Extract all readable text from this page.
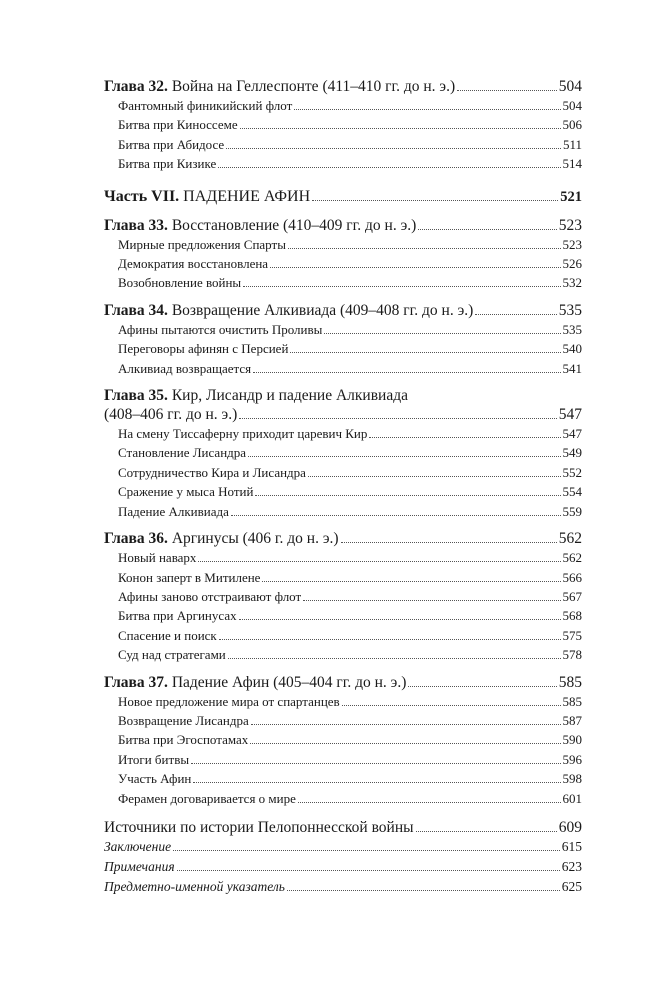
Глава 32. Война на Геллеспонте (411–410 гг. до н. э.)	504
Фантомный финикийский флот	504
Битва при Киноссеме	506
Битва при Абидосе	511
Битва при Кизике	514
Часть VII. ПАДЕНИЕ АФИН	521
Глава 33. Восстановление (410–409 гг. до н. э.)	523
Мирные предложения Спарты	523
Демократия восстановлена	526
Возобновление войны	532
Глава 34. Возвращение Алкивиада (409–408 гг. до н. э.)	535
Афины пытаются очистить Проливы	535
Переговоры афинян с Персией	540
Алкивиад возвращается	541
Глава 35. Кир, Лисандр и падение Алкивиада
(408–406 гг. до н. э.)	547
На смену Тиссаферну приходит царевич Кир	547
Становление Лисандра	549
Сотрудничество Кира и Лисандра	552
Сражение у мыса Нотий	554
Падение Алкивиада	559
Глава 36. Аргинусы (406 г. до н. э.)	562
Новый наварх	562
Конон заперт в Митилене	566
Афины заново отстраивают флот	567
Битва при Аргинусах	568
Спасение и поиск	575
Суд над стратегами	578
Глава 37. Падение Афин (405–404 гг. до н. э.)	585
Новое предложение мира от спартанцев	585
Возвращение Лисандра	587
Битва при Эгоспотамах	590
Итоги битвы	596
Участь Афин	598
Ферамен договаривается о мире	601
Источники по истории Пелопоннесской войны	609
Заключение	615
Примечания	623
Предметно-именной указатель	625
